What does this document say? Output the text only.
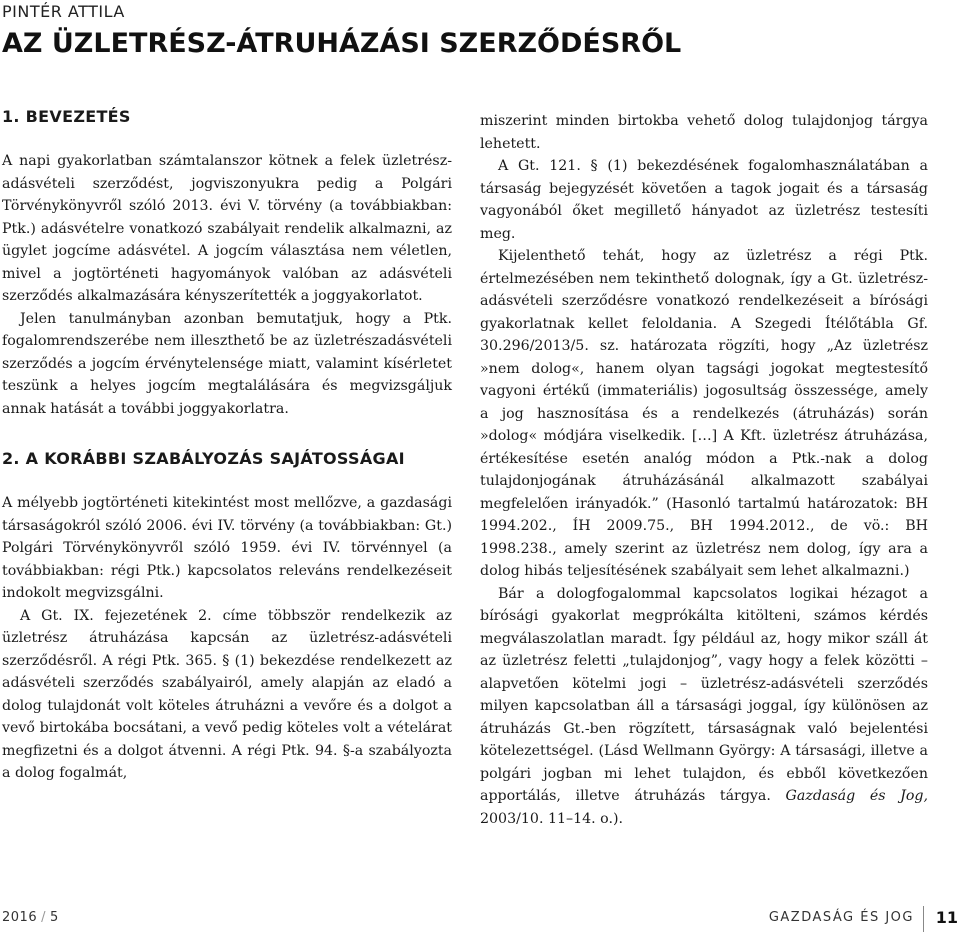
PINTÉR ATTILA
AZ ÜZLETRÉSZ-ÁTRUHÁZÁSI SZERZŐDÉSRŐL
1. BEVEZETÉS

A napi gyakorlatban számtalanszor kötnek a felek üzletrész-adásvételi szerződést, jogviszonyukra pedig a Polgári Törvénykönyvről szóló 2013. évi V. törvény (a továbbiakban: Ptk.) adásvételre vonatkozó szabályait rendelik alkalmazni, az ügylet jogcíme adásvétel. A jogcím választása nem véletlen, mivel a jogtörténeti hagyományok valóban az adásvételi szerződés alkalmazására kényszerítették a joggyakorlatot.

Jelen tanulmányban azonban bemutatjuk, hogy a Ptk. fogalomrendszerébe nem illeszthető be az üzletrészadásvételi szerződés a jogcím érvénytelensége miatt, valamint kísérletet teszünk a helyes jogcím megtalálására és megvizsgáljuk annak hatását a további joggyakorlatra.

2. A KORÁBBI SZABÁLYOZÁS SAJÁTOSSÁGAI

A mélyebb jogtörténeti kitekintést most mellőzve, a gazdasági társaságokról szóló 2006. évi IV. törvény (a továbbiakban: Gt.) Polgári Törvénykönyvről szóló 1959. évi IV. törvénnyel (a továbbiakban: régi Ptk.) kapcsolatos releváns rendelkezéseit indokolt megvizsgálni.

A Gt. IX. fejezetének 2. címe többször rendelkezik az üzletrész átruházása kapcsán az üzletrész-adásvételi szerződésről. A régi Ptk. 365. § (1) bekezdése rendelkezett az adásvételi szerződés szabályairól, amely alapján az eladó a dolog tulajdonát volt köteles átruházni a vevőre és a dolgot a vevő birtokába bocsátani, a vevő pedig köteles volt a vételárat megfizetni és a dolgot átvenni. A régi Ptk. 94. §-a szabályozta a dolog fogalmát,

miszerint minden birtokba vehető dolog tulajdonjog tárgya lehetett.

A Gt. 121. § (1) bekezdésének fogalomhasználatában a társaság bejegyzését követően a tagok jogait és a társaság vagyonából őket megillető hányadot az üzletrész testesíti meg.

Kijelenthető tehát, hogy az üzletrész a régi Ptk. értelmezésében nem tekinthető dolognak, így a Gt. üzletrész-adásvételi szerződésre vonatkozó rendelkezéseit a bírósági gyakorlatnak kellet feloldania. A Szegedi Ítélőtábla Gf. 30.296/2013/5. sz. határozata rögzíti, hogy „Az üzletrész »nem dolog«, hanem olyan tagsági jogokat megtestesítő vagyoni értékű (immateriális) jogosultság összessége, amely a jog hasznosítása és a rendelkezés (átruházás) során »dolog« módjára viselkedik. […] A Kft. üzletrész átruházása, értékesítése esetén analóg módon a Ptk.-nak a dolog tulajdonjogának átruházásánál alkalmazott szabályai megfelelően irányadók.” (Hasonló tartalmú határozatok: BH 1994.202., ÍH 2009.75., BH 1994.2012., de vö.: BH 1998.238., amely szerint az üzletrész nem dolog, így ara a dolog hibás teljesítésének szabályait sem lehet alkalmazni.)

Bár a dologfogalommal kapcsolatos logikai hézagot a bírósági gyakorlat megprókálta kitölteni, számos kérdés megválaszolatlan maradt. Így például az, hogy mikor száll át az üzletrész feletti „tulajdonjog”, vagy hogy a felek közötti – alapvetően kötelmi jogi – üzletrész-adásvételi szerződés milyen kapcsolatban áll a társasági joggal, így különösen az átruházás Gt.-ben rögzített, társaságnak való bejelentési kötelezettségel. (Lásd Wellmann György: A társasági, illetve a polgári jogban mi lehet tulajdon, és ebből következően apportálás, illetve átruházás tárgya. Gazdaság és Jog, 2003/10. 11–14. o.).

2016 / 5	GAZDASÁG ÉS JOG 11
